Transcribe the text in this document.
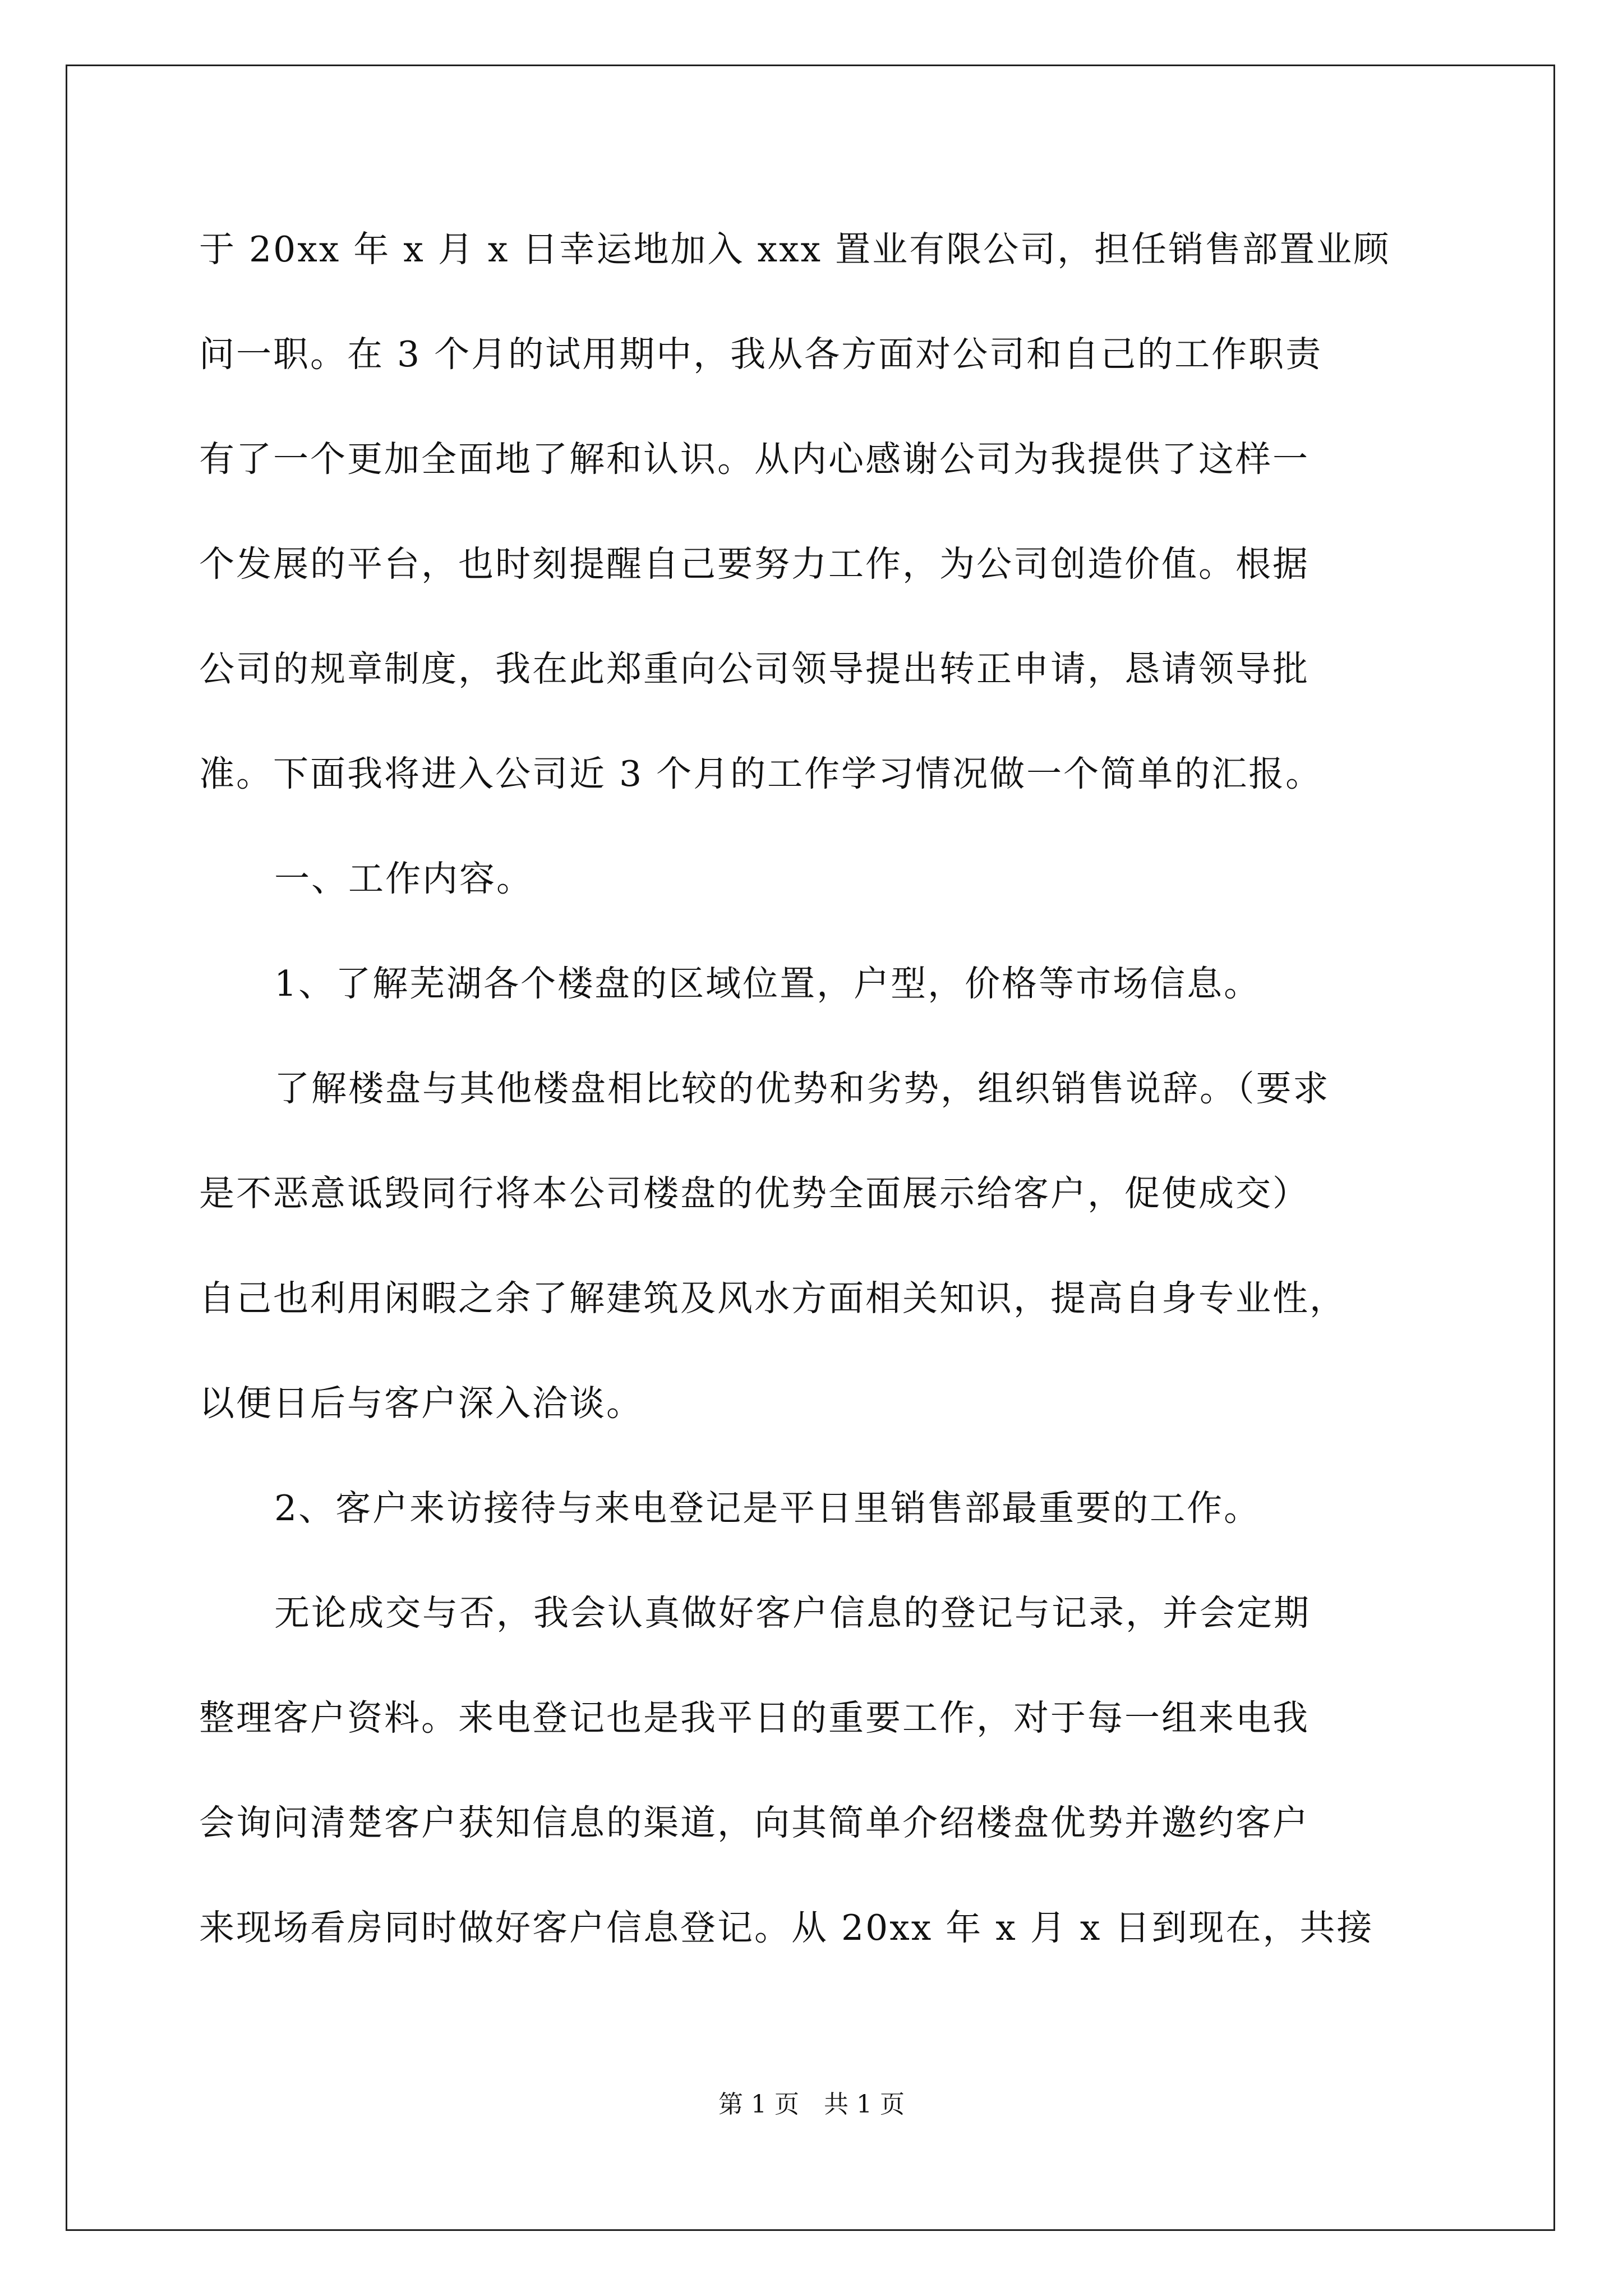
于 20xx 年 x 月 x 日幸运地加入 xxx 置业有限公司，担任销售部置业顾
问一职。在 3 个月的试用期中，我从各方面对公司和自己的工作职责
有了一个更加全面地了解和认识。从内心感谢公司为我提供了这样一
个发展的平台，也时刻提醒自己要努力工作，为公司创造价值。根据
公司的规章制度，我在此郑重向公司领导提出转正申请，恳请领导批
准。下面我将进入公司近 3 个月的工作学习情况做一个简单的汇报。
一、工作内容。
1、了解芜湖各个楼盘的区域位置，户型，价格等市场信息。
了解楼盘与其他楼盘相比较的优势和劣势，组织销售说辞。（要求
是不恶意诋毁同行将本公司楼盘的优势全面展示给客户，促使成交）
自己也利用闲暇之余了解建筑及风水方面相关知识，提高自身专业性，
以便日后与客户深入洽谈。
2、客户来访接待与来电登记是平日里销售部最重要的工作。
无论成交与否，我会认真做好客户信息的登记与记录，并会定期
整理客户资料。来电登记也是我平日的重要工作，对于每一组来电我
会询问清楚客户获知信息的渠道，向其简单介绍楼盘优势并邀约客户
来现场看房同时做好客户信息登记。从 20xx 年 x 月 x 日到现在，共接
第 1 页　共 1 页
